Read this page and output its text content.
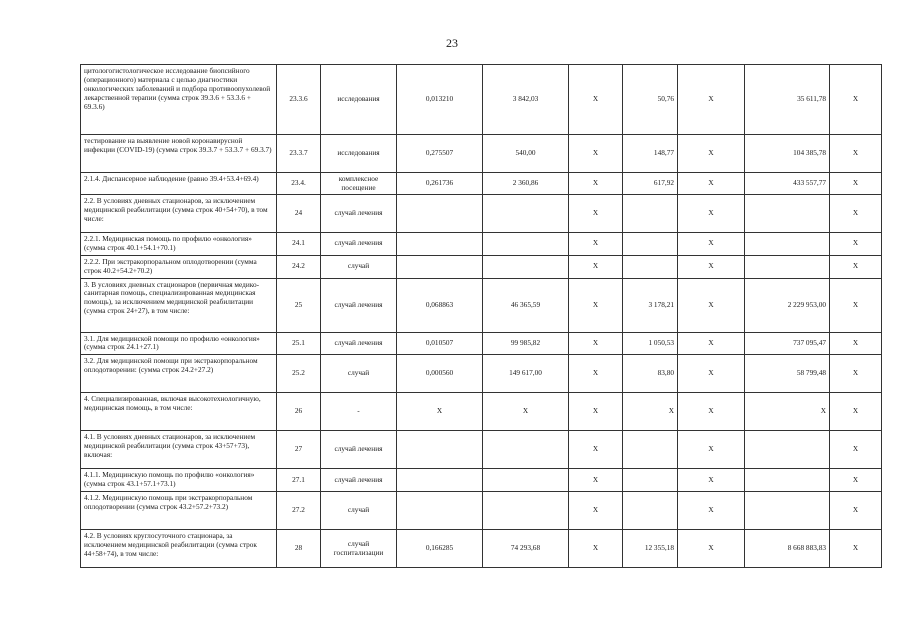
23
цитологогистологическое исследование биопсийного (операционного) материала с целью диагностики онкологических заболеваний и подбора противоопухолевой лекарственной терапии (сумма строк 39.3.6 + 53.3.6 + 69.3.6)	23.3.6	исследования	0,013210	3 842,03	X	50,76	X	35 611,78	X
тестирование на выявление новой коронавирусной инфекции (COVID-19) (сумма строк 39.3.7 + 53.3.7 + 69.3.7)	23.3.7	исследования	0,275507	540,00	X	148,77	X	104 385,78	X
2.1.4. Диспансерное наблюдение (равно 39.4+53.4+69.4)	23.4.	комплексное посещение	0,261736	2 360,86	X	617,92	X	433 557,77	X
2.2. В условиях дневных стационаров, за исключением медицинской реабилитации (сумма строк 40+54+70), в том числе:	24	случай лечения			X		X		X
2.2.1. Медицинская помощь по профилю «онкология» (сумма строк 40.1+54.1+70.1)	24.1	случай лечения			X		X		X
2.2.2. При экстракорпоральном оплодотворении (сумма строк 40.2+54.2+70.2)	24.2	случай			X		X		X
3. В условиях дневных стационаров (первичная медико-санитарная помощь, специализированная медицинская помощь), за исключением медицинской реабилитации (сумма строк 24+27), в том числе:	25	случай лечения	0,068863	46 365,59	X	3 178,21	X	2 229 953,00	X
3.1. Для медицинской помощи по профилю «онкология» (сумма строк 24.1+27.1)	25.1	случай лечения	0,010507	99 985,82	X	1 050,53	X	737 095,47	X
3.2. Для медицинской помощи при экстракорпоральном оплодотворении: (сумма строк 24.2+27.2)	25.2	случай	0,000560	149 617,00	X	83,80	X	58 799,48	X
4. Специализированная, включая высокотехнологичную, медицинская помощь, в том числе:	26	-	X	X	X	X	X	X	X
4.1. В условиях дневных стационаров, за исключением медицинской реабилитации (сумма строк 43+57+73), включая:	27	случай лечения			X		X		X
4.1.1. Медицинскую помощь по профилю «онкология» (сумма строк 43.1+57.1+73.1)	27.1	случай лечения			X		X		X
4.1.2. Медицинскую помощь при экстракорпоральном оплодотворении (сумма строк 43.2+57.2+73.2)	27.2	случай			X		X		X
4.2. В условиях круглосуточного стационара, за исключением медицинской реабилитации (сумма строк 44+58+74), в том числе:	28	случай госпитализации	0,166285	74 293,68	X	12 355,18	X	8 668 883,83	X
